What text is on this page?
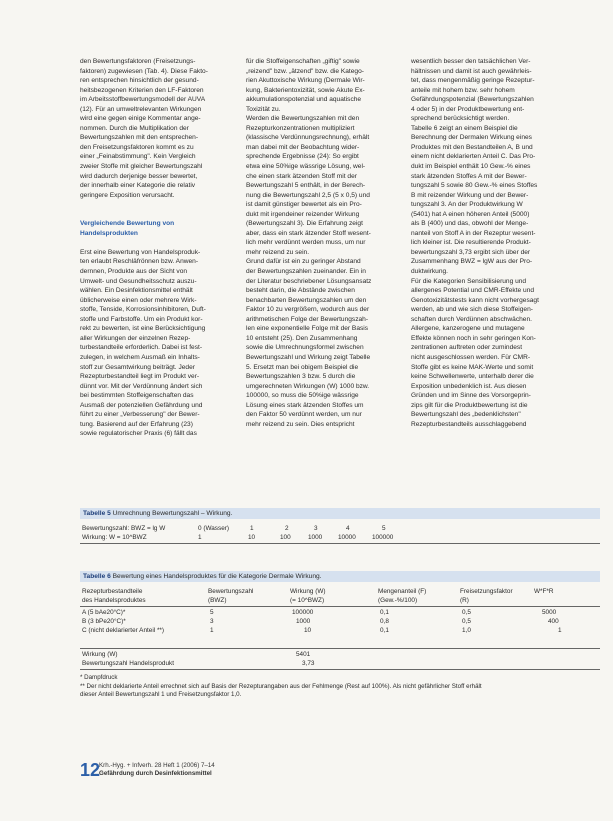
den Bewertungsfaktoren (Freisetzungs-

faktoren) zugewiesen (Tab. 4). Diese Fakto-

ren entsprechen hinsichtlich der gesund-

heitsbezogenen Kriterien den LF-Faktoren

im Arbeitsstoffbewertungsmodell der AUVA

(12). Für an umweltrelevanten Wirkungen

wird eine gegen einige Kommentar ange-

nommen. Durch die Multiplikation der

Bewertungszahlen mit den entsprechen-

den Freisetzungsfaktoren kommt es zu

einer „Feinabstimmung". Kein Vergleich

zweier Stoffe mit gleicher Bewertungszahl

wird dadurch derjenige besser bewertet,

der innerhalb einer Kategorie die relativ

geringere Exposition verursacht.

Vergleichende Bewertung von

Handelsprodukten

Erst eine Bewertung von Handelsproduk-

ten erlaubt Reschläfrönnen bzw. Anwen-

dernnen, Produkte aus der Sicht von

Umwelt- und Gesundheitsschutz auszu-

wählen. Ein Desinfektionsmittel enthält

üblicherweise einen oder mehrere Wirk-

stoffe, Tenside, Korrosionsinhibitoren, Duft-

stoffe und Farbstoffe. Um ein Produkt kor-

rekt zu bewerten, ist eine Berücksichtigung

aller Wirkungen der einzelnen Rezep-

turbestandteile erforderlich. Dabei ist fest-

zulegen, in welchem Ausmaß ein Inhalts-

stoff zur Gesamtwirkung beiträgt. Jeder

Rezepturbestandteil liegt im Produkt ver-

dünnt vor. Mit der Verdünnung ändert sich

bei bestimmten Stoffeigenschaften das

Ausmaß der potenziellen Gefährdung und

führt zu einer „Verbesserung" der Bewer-

tung. Basierend auf der Erfahrung (23)

sowie regulatorischer Praxis (6) fällt das

für die Stoffeigenschaften „giftig" sowie

„reizend" bzw. „ätzend" bzw. die Katego-

rien Akuttoxische Wirkung (Dermale Wir-

kung, Bakterientoxizität, sowie Akute Ex-

akkumulationspotenzial und aquatische

Toxizität zu.

Werden die Bewertungszahlen mit den

Rezepturkonzentrationen multipliziert

(klassische Verdünnungsrechnung), erhält

man dabei mit der Beobachtung wider-

sprechende Ergebnisse (24): So ergibt

etwa eine 50%ige wässrige Lösung, wel-

che einen stark ätzenden Stoff mit der

Bewertungszahl 5 enthält, in der Berech-

nung die Bewertungszahl 2,5 (5 x 0,5) und

ist damit günstiger bewertet als ein Pro-

dukt mit irgendeiner reizender Wirkung

(Bewertungszahl 3). Die Erfahrung zeigt

aber, dass ein stark ätzender Stoff wesent-

lich mehr verdünnt werden muss, um nur

mehr reizend zu sein.

Grund dafür ist ein zu geringer Abstand

der Bewertungszahlen zueinander. Ein in

der Literatur beschriebener Lösungsansatz

besteht darin, die Abstände zwischen

benachbarten Bewertungszahlen um den

Faktor 10 zu vergrößern, wodurch aus der

arithmetischen Folge der Bewertungszah-

len eine exponentielle Folge mit der Basis

10 entsteht (25). Den Zusammenhang

sowie die Umrechnungsformel zwischen

Bewertungszahl und Wirkung zeigt Tabelle

5. Ersetzt man bei obigem Beispiel die

Bewertungszahlen 3 bzw. 5 durch die

umgerechneten Wirkungen (W) 1000 bzw.

100000, so muss die 50%ige wässrige

Lösung eines stark ätzenden Stoffes um

den Faktor 50 verdünnt werden, um nur

mehr reizend zu sein. Dies entspricht

wesentlich besser den tatsächlichen Ver-

hältnissen und damit ist auch gewährleis-

tet, dass mengenmäßig geringe Rezeptur-

anteile mit hohem bzw. sehr hohem

Gefährdungspotenzial (Bewertungszahlen

4 oder 5) in der Produktbewertung ent-

sprechend berücksichtigt werden.

Tabelle 6 zeigt an einem Beispiel die

Berechnung der Dermalen Wirkung eines

Produktes mit den Bestandteilen A, B und

einem nicht deklarierten Anteil C. Das Pro-

dukt im Beispiel enthält 10 Gew.-% eines

stark ätzenden Stoffes A mit der Bewer-

tungszahl 5 sowie 80 Gew.-% eines Stoffes

B mit reizender Wirkung und der Bewer-

tungszahl 3. An der Produktwirkung W

(5401) hat A einen höheren Anteil (5000)

als B (400) und das, obwohl der Menge-

nanteil von Stoff A in der Rezeptur wesent-

lich kleiner ist. Die resultierende Produkt-

bewertungszahl 3,73 ergibt sich über der

Zusammenhang BWZ = lgW aus der Pro-

duktwirkung.

Für die Kategorien Sensibilisierung und

allergenes Potential und CMR-Effekte und

Genotoxizitätstests kann nicht vorhergesagt

werden, ab und wie sich diese Stoffeigen-

schaften durch Verdünnen abschwächen.

Allergene, kanzerogene und mutagene

Effekte können noch in sehr geringen Kon-

zentrationen auftreten oder zumindest

nicht ausgeschlossen werden. Für CMR-

Stoffe gibt es keine MAK-Werte und somit

keine Schwellenwerte, unterhalb derer die

Exposition unbedenklich ist. Aus diesen

Gründen und im Sinne des Vorsorgeprin-

zips gilt für die Produktbewertung ist die

Bewertungszahl des „bedenklichsten"

Rezepturbestandteils ausschlaggebend

Tabelle 5 Umrechnung Bewertungszahl – Wirkung.
Bewertungszahl: BWZ = lg W	0 (Wasser)	1	2	3	4	5
Wirkung: W = 10^BWZ	1	10	100	1000 10000	100000
Tabelle 6 Bewertung eines Handelsproduktes für die Kategorie Dermale Wirkung.
Rezepturbestandteile	Bewertungszahl	Wirkung (W)	Mengenanteil (F)	Freisetzungsfaktor	W*F*R
des Handelsproduktes	(BWZ)	(= 10^BWZ)	(Gew.-%/100)	(R)
A (5 bAe20°C)*	5	100000	0,1	0,5	5000
B (3 bPe20°C)*	3	1000	0,8	0,5	400
C (nicht deklarierter Anteil **)	1	10	0,1	1,0	1
Wirkung (W)	5401
Bewertungszahl Handelsprodukt	3,73
* Dampfdruck
** Der nicht deklarierte Anteil errechnet sich auf Basis der Rezepturangaben aus der Fehlmenge (Rest auf 100%). Als nicht gefährlicher Stoff erhält
dieser Anteil Bewertungszahl 1 und Freisetzungsfaktor 1,0.
12
Krh.-Hyg. + Infverh. 28 Heft 1 (2006) 7–14
Gefährdung durch Desinfektionsmittel
